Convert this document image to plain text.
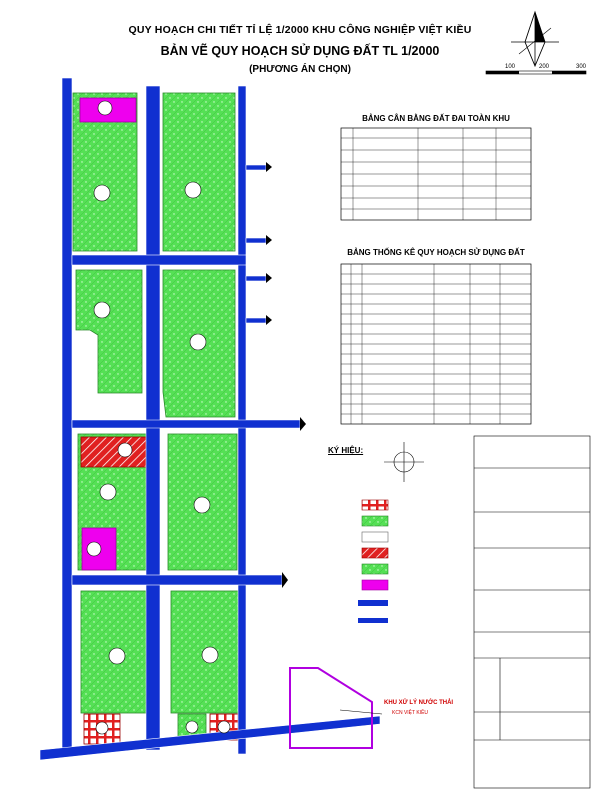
QUY HOẠCH CHI TIẾT TỈ LỆ 1/2000 KHU CÔNG NGHIỆP VIỆT KIỀU
BẢN VẼ QUY HOẠCH SỬ DỤNG ĐẤT TL 1/2000
(PHƯƠNG ÁN CHỌN)	100	200	300
BẢNG CÂN BẰNG ĐẤT ĐAI TOÀN KHU
BẢNG THỐNG KÊ QUY HOẠCH SỬ DỤNG ĐẤT
KÝ HIỆU:
KHU XỬ LÝ NƯỚC THẢI
KCN VIỆT KIỀU
